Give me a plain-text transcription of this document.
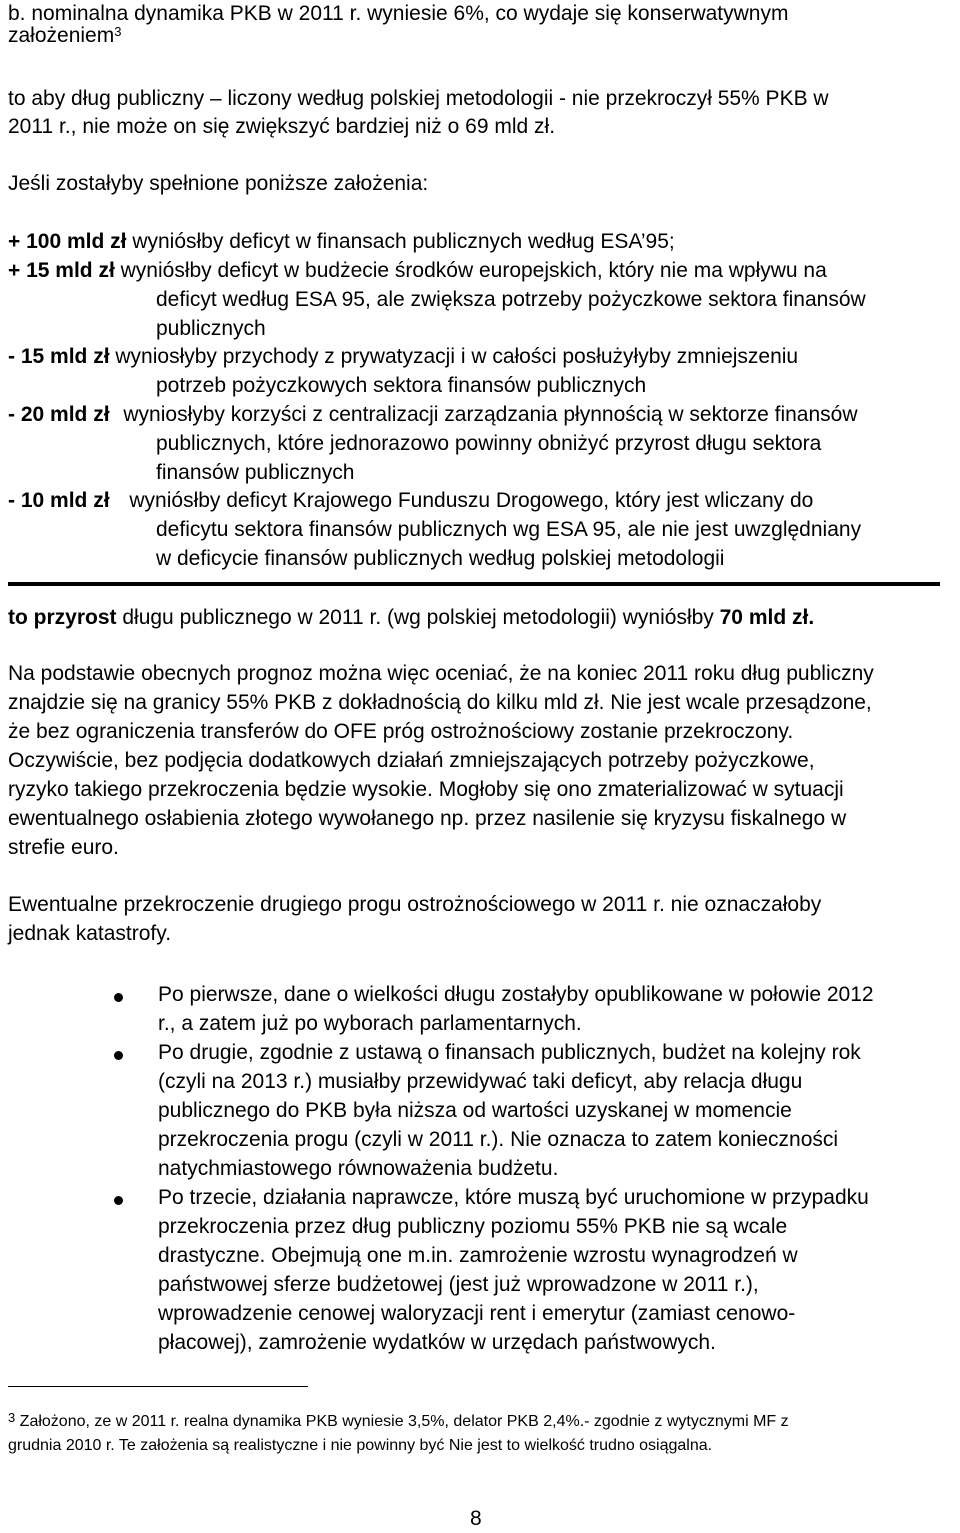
b. nominalna dynamika PKB w 2011 r. wyniesie 6%, co wydaje się konserwatywnym
założeniem$^3$
to aby dług publiczny – liczony według polskiej metodologii - nie przekroczył 55% PKB w
2011 r., nie może on się zwiększyć bardziej niż o 69 mld zł.
Jeśli zostałyby spełnione poniższe założenia:
+ 100 mld zł wyniósłby deficyt w finansach publicznych według ESA’95;
+ 15 mld zł wyniósłby deficyt w budżecie środków europejskich, który nie ma wpływu na
deficyt według ESA 95, ale zwiększa potrzeby pożyczkowe sektora finansów
publicznych
- 15 mld zł wyniosłyby przychody z prywatyzacji i w całości posłużyłyby zmniejszeniu
potrzeb pożyczkowych sektora finansów publicznych
- 20 mld zł wyniosłyby korzyści z centralizacji zarządzania płynnością w sektorze finansów
publicznych, które jednorazowo powinny obniżyć przyrost długu sektora
finansów publicznych
- 10 mld zł wyniósłby deficyt Krajowego Funduszu Drogowego, który jest wliczany do
deficytu sektora finansów publicznych wg ESA 95, ale nie jest uwzględniany
w deficycie finansów publicznych według polskiej metodologii
to przyrost długu publicznego w 2011 r. (wg polskiej metodologii) wyniósłby 70 mld zł.
Na podstawie obecnych prognoz można więc oceniać, że na koniec 2011 roku dług publiczny
znajdzie się na granicy 55% PKB z dokładnością do kilku mld zł. Nie jest wcale przesądzone,
że bez ograniczenia transferów do OFE próg ostrożnościowy zostanie przekroczony.
Oczywiście, bez podjęcia dodatkowych działań zmniejszających potrzeby pożyczkowe,
ryzyko takiego przekroczenia będzie wysokie. Mogłoby się ono zmaterializować w sytuacji
ewentualnego osłabienia złotego wywołanego np. przez nasilenie się kryzysu fiskalnego w
strefie euro.
Ewentualne przekroczenie drugiego progu ostrożnościowego w 2011 r. nie oznaczałoby
jednak katastrofy.
Po pierwsze, dane o wielkości długu zostałyby opublikowane w połowie 2012
r., a zatem już po wyborach parlamentarnych.
Po drugie, zgodnie z ustawą o finansach publicznych, budżet na kolejny rok
(czyli na 2013 r.) musiałby przewidywać taki deficyt, aby relacja długu
publicznego do PKB była niższa od wartości uzyskanej w momencie
przekroczenia progu (czyli w 2011 r.). Nie oznacza to zatem konieczności
natychmiastowego równoważenia budżetu.
Po trzecie, działania naprawcze, które muszą być uruchomione w przypadku
przekroczenia przez dług publiczny poziomu 55% PKB nie są wcale
drastyczne. Obejmują one m.in. zamrożenie wzrostu wynagrodzeń w
państwowej sferze budżetowej (jest już wprowadzone w 2011 r.),
wprowadzenie cenowej waloryzacji rent i emerytur (zamiast cenowo-
płacowej), zamrożenie wydatków w urzędach państwowych.
$^3$ Założono, ze w 2011 r. realna dynamika PKB wyniesie 3,5%, delator PKB 2,4%.- zgodnie z wytycznymi MF z
grudnia 2010 r. Te założenia są realistyczne i nie powinny być Nie jest to wielkość trudno osiągalna.
8
